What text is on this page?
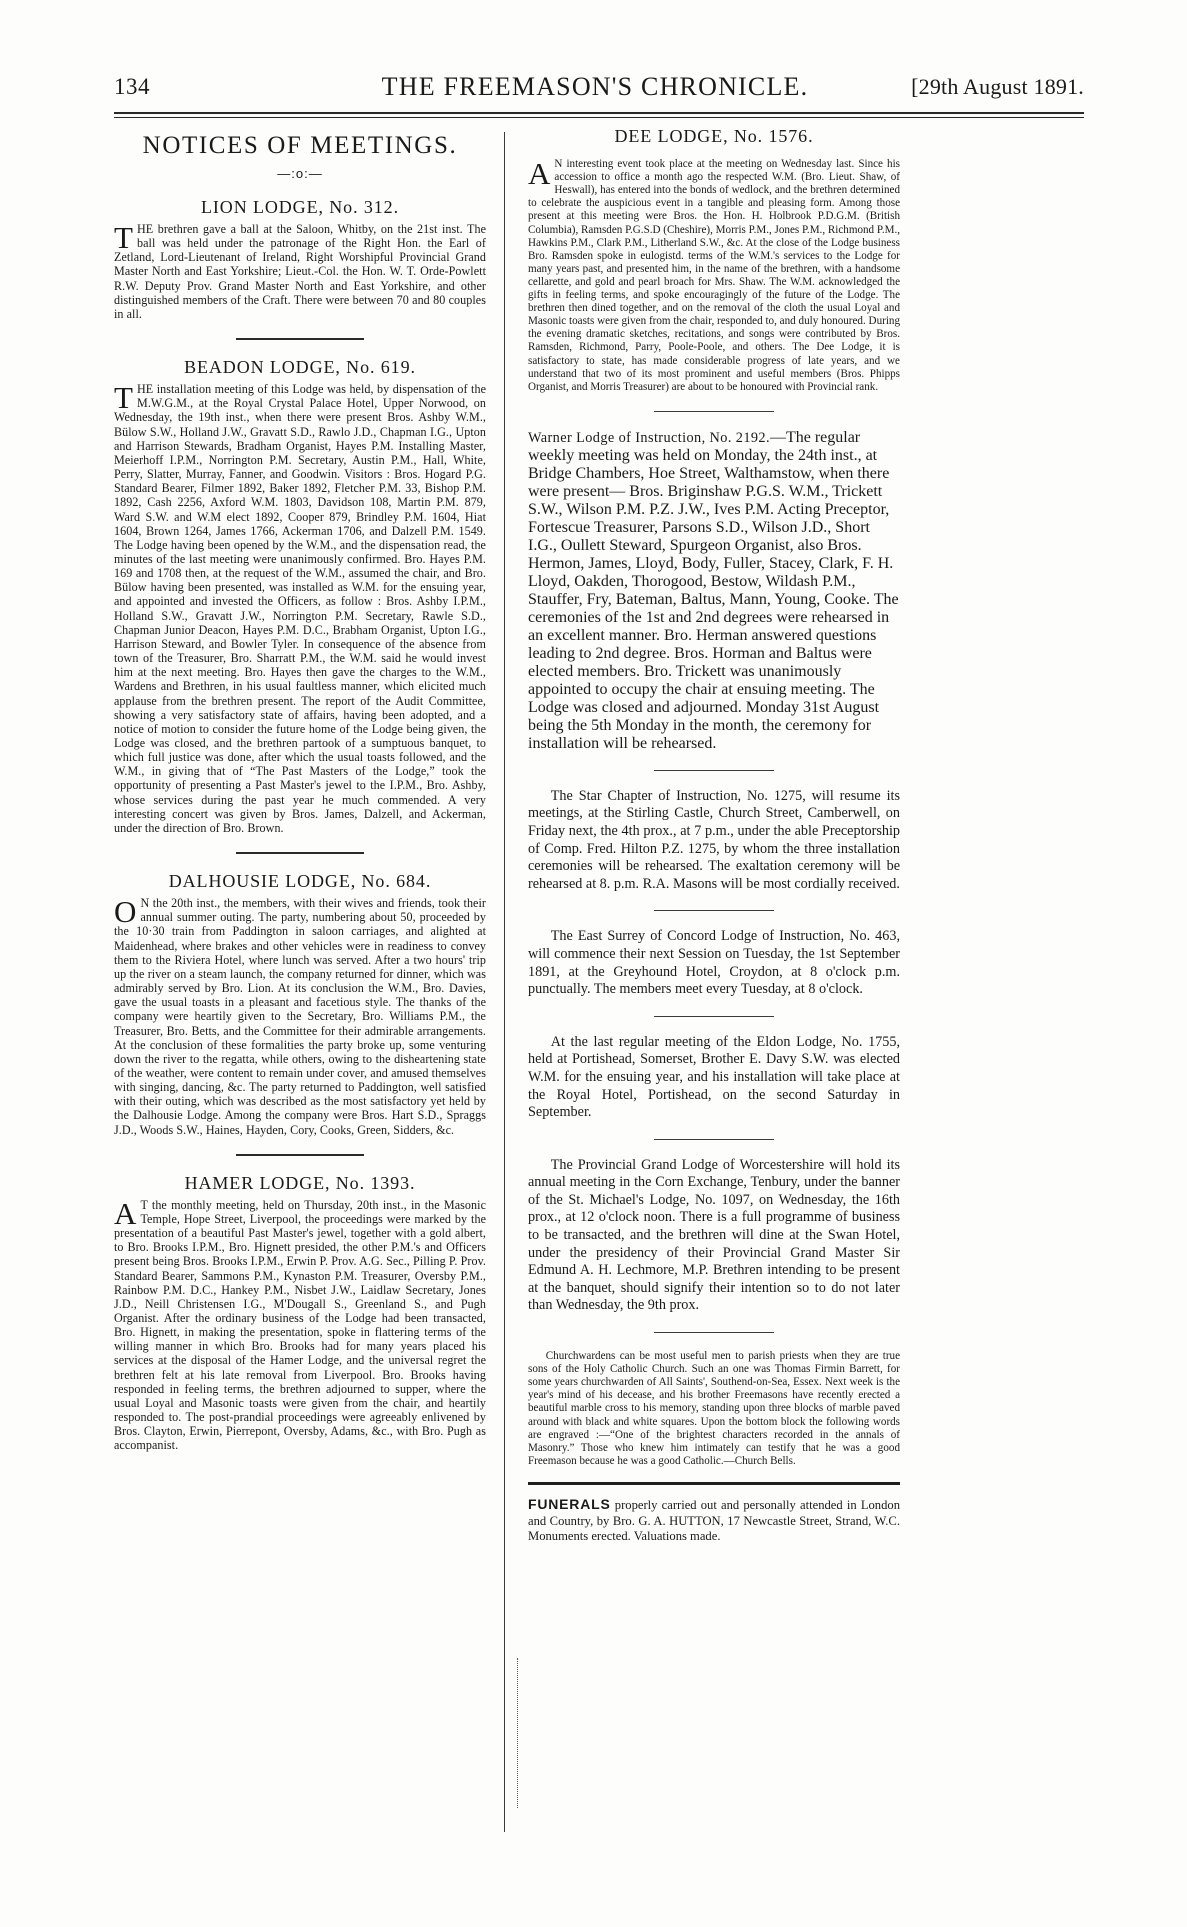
134	THE FREEMASON'S CHRONICLE.	[29th August 1891.
NOTICES OF MEETINGS.
—:o:—
LION LODGE, No. 312.

THE brethren gave a ball at the Saloon, Whitby, on the 21st inst. The ball was held under the patronage of the Right Hon. the Earl of Zetland, Lord-Lieutenant of Ireland, Right Worshipful Provincial Grand Master North and East Yorkshire; Lieut.-Col. the Hon. W. T. Orde-Powlett R.W. Deputy Prov. Grand Master North and East Yorkshire, and other distinguished members of the Craft. There were between 70 and 80 couples in all.

BEADON LODGE, No. 619.

THE installation meeting of this Lodge was held, by dispensation of the M.W.G.M., at the Royal Crystal Palace Hotel, Upper Norwood, on Wednesday, the 19th inst., when there were present Bros. Ashby W.M., Bülow S.W., Holland J.W., Gravatt S.D., Rawlo J.D., Chapman I.G., Upton and Harrison Stewards, Bradham Organist, Hayes P.M. Installing Master, Meierhoff I.P.M., Norrington P.M. Secretary, Austin P.M., Hall, White, Perry, Slatter, Murray, Fanner, and Goodwin. Visitors : Bros. Hogard P.G. Standard Bearer, Filmer 1892, Baker 1892, Fletcher P.M. 33, Bishop P.M. 1892, Cash 2256, Axford W.M. 1803, Davidson 108, Martin P.M. 879, Ward S.W. and W.M elect 1892, Cooper 879, Brindley P.M. 1604, Hiat 1604, Brown 1264, James 1766, Ackerman 1706, and Dalzell P.M. 1549. The Lodge having been opened by the W.M., and the dispensation read, the minutes of the last meeting were unanimously confirmed. Bro. Hayes P.M. 169 and 1708 then, at the request of the W.M., assumed the chair, and Bro. Bülow having been presented, was installed as W.M. for the ensuing year, and appointed and invested the Officers, as follow : Bros. Ashby I.P.M., Holland S.W., Gravatt J.W., Norrington P.M. Secretary, Rawle S.D., Chapman Junior Deacon, Hayes P.M. D.C., Brabham Organist, Upton I.G., Harrison Steward, and Bowler Tyler. In consequence of the absence from town of the Treasurer, Bro. Sharratt P.M., the W.M. said he would invest him at the next meeting. Bro. Hayes then gave the charges to the W.M., Wardens and Brethren, in his usual faultless manner, which elicited much applause from the brethren present. The report of the Audit Committee, showing a very satisfactory state of affairs, having been adopted, and a notice of motion to consider the future home of the Lodge being given, the Lodge was closed, and the brethren partook of a sumptuous banquet, to which full justice was done, after which the usual toasts followed, and the W.M., in giving that of “The Past Masters of the Lodge,” took the opportunity of presenting a Past Master's jewel to the I.P.M., Bro. Ashby, whose services during the past year he much commended. A very interesting concert was given by Bros. James, Dalzell, and Ackerman, under the direction of Bro. Brown.

DALHOUSIE LODGE, No. 684.

O N the 20th inst., the members, with their wives and friends, took their annual summer outing. The party, numbering about 50, proceeded by the 10·30 train from Paddington in saloon carriages, and alighted at Maidenhead, where brakes and other vehicles were in readiness to convey them to the Riviera Hotel, where lunch was served. After a two hours' trip up the river on a steam launch, the company returned for dinner, which was admirably served by Bro. Lion. At its conclusion the W.M., Bro. Davies, gave the usual toasts in a pleasant and facetious style. The thanks of the company were heartily given to the Secretary, Bro. Williams P.M., the Treasurer, Bro. Betts, and the Committee for their admirable arrangements. At the conclusion of these formalities the party broke up, some venturing down the river to the regatta, while others, owing to the disheartening state of the weather, were content to remain under cover, and amused themselves with singing, dancing, &c. The party returned to Paddington, well satisfied with their outing, which was described as the most satisfactory yet held by the Dalhousie Lodge. Among the company were Bros. Hart S.D., Spraggs J.D., Woods S.W., Haines, Hayden, Cory, Cooks, Green, Sidders, &c.

HAMER LODGE, No. 1393.

A T the monthly meeting, held on Thursday, 20th inst., in the Masonic Temple, Hope Street, Liverpool, the proceedings were marked by the presentation of a beautiful Past Master's jewel, together with a gold albert, to Bro. Brooks I.P.M., Bro. Hignett presided, the other P.M.'s and Officers present being Bros. Brooks I.P.M., Erwin P. Prov. A.G. Sec., Pilling P. Prov. Standard Bearer, Sammons P.M., Kynaston P.M. Treasurer, Oversby P.M., Rainbow P.M. D.C., Hankey P.M., Nisbet J.W., Laidlaw Secretary, Jones J.D., Neill Christensen I.G., M'Dougall S., Greenland S., and Pugh Organist. After the ordinary business of the Lodge had been transacted, Bro. Hignett, in making the presentation, spoke in flattering terms of the willing manner in which Bro. Brooks had for many years placed his services at the disposal of the Hamer Lodge, and the universal regret the brethren felt at his late removal from Liverpool. Bro. Brooks having responded in feeling terms, the brethren adjourned to supper, where the usual Loyal and Masonic toasts were given from the chair, and heartily responded to. The post-prandial proceedings were agreeably enlivened by Bros. Clayton, Erwin, Pierrepont, Oversby, Adams, &c., with Bro. Pugh as accompanist.

DEE LODGE, No. 1576.

A N interesting event took place at the meeting on Wednesday last. Since his accession to office a month ago the respected W.M. (Bro. Lieut. Shaw, of Heswall), has entered into the bonds of wedlock, and the brethren determined to celebrate the auspicious event in a tangible and pleasing form. Among those present at this meeting were Bros. the Hon. H. Holbrook P.D.G.M. (British Columbia), Ramsden P.G.S.D (Cheshire), Morris P.M., Jones P.M., Richmond P.M., Hawkins P.M., Clark P.M., Litherland S.W., &c. At the close of the Lodge business Bro. Ramsden spoke in eulogistd. terms of the W.M.'s services to the Lodge for many years past, and presented him, in the name of the brethren, with a handsome cellarette, and gold and pearl broach for Mrs. Shaw. The W.M. acknowledged the gifts in feeling terms, and spoke encouragingly of the future of the Lodge. The brethren then dined together, and on the removal of the cloth the usual Loyal and Masonic toasts were given from the chair, responded to, and duly honoured. During the evening dramatic sketches, recitations, and songs were contributed by Bros. Ramsden, Richmond, Parry, Poole-Poole, and others. The Dee Lodge, it is satisfactory to state, has made considerable progress of late years, and we understand that two of its most prominent and useful members (Bros. Phipps Organist, and Morris Treasurer) are about to be honoured with Provincial rank.

Warner Lodge of Instruction, No. 2192.—The regular weekly meeting was held on Monday, the 24th inst., at Bridge Chambers, Hoe Street, Walthamstow, when there were present— Bros. Briginshaw P.G.S. W.M., Trickett S.W., Wilson P.M. P.Z. J.W., Ives P.M. Acting Preceptor, Fortescue Treasurer, Parsons S.D., Wilson J.D., Short I.G., Oullett Steward, Spurgeon Organist, also Bros. Hermon, James, Lloyd, Body, Fuller, Stacey, Clark, F. H. Lloyd, Oakden, Thorogood, Bestow, Wildash P.M., Stauffer, Fry, Bateman, Baltus, Mann, Young, Cooke. The ceremonies of the 1st and 2nd degrees were rehearsed in an excellent manner. Bro. Herman answered questions leading to 2nd degree. Bros. Horman and Baltus were elected members. Bro. Trickett was unanimously appointed to occupy the chair at ensuing meeting. The Lodge was closed and adjourned. Monday 31st August being the 5th Monday in the month, the ceremony for installation will be rehearsed.

The Star Chapter of Instruction, No. 1275, will resume its meetings, at the Stirling Castle, Church Street, Camberwell, on Friday next, the 4th prox., at 7 p.m., under the able Preceptorship of Comp. Fred. Hilton P.Z. 1275, by whom the three installation ceremonies will be rehearsed. The exaltation ceremony will be rehearsed at 8. p.m. R.A. Masons will be most cordially received.

The East Surrey of Concord Lodge of Instruction, No. 463, will commence their next Session on Tuesday, the 1st September 1891, at the Greyhound Hotel, Croydon, at 8 o'clock p.m. punctually. The members meet every Tuesday, at 8 o'clock.

At the last regular meeting of the Eldon Lodge, No. 1755, held at Portishead, Somerset, Brother E. Davy S.W. was elected W.M. for the ensuing year, and his installation will take place at the Royal Hotel, Portishead, on the second Saturday in September.

The Provincial Grand Lodge of Worcestershire will hold its annual meeting in the Corn Exchange, Tenbury, under the banner of the St. Michael's Lodge, No. 1097, on Wednesday, the 16th prox., at 12 o'clock noon. There is a full programme of business to be transacted, and the brethren will dine at the Swan Hotel, under the presidency of their Provincial Grand Master Sir Edmund A. H. Lechmore, M.P. Brethren intending to be present at the banquet, should signify their intention so to do not later than Wednesday, the 9th prox.

Churchwardens can be most useful men to parish priests when they are true sons of the Holy Catholic Church. Such an one was Thomas Firmin Barrett, for some years churchwarden of All Saints', Southend-on-Sea, Essex. Next week is the year's mind of his decease, and his brother Freemasons have recently erected a beautiful marble cross to his memory, standing upon three blocks of marble paved around with black and white squares. Upon the bottom block the following words are engraved :—“One of the brightest characters recorded in the annals of Masonry.” Those who knew him intimately can testify that he was a good Freemason because he was a good Catholic.—Church Bells.

FUNERALS properly carried out and personally attended in London and Country, by Bro. G. A. HUTTON, 17 Newcastle Street, Strand, W.C. Monuments erected. Valuations made.
